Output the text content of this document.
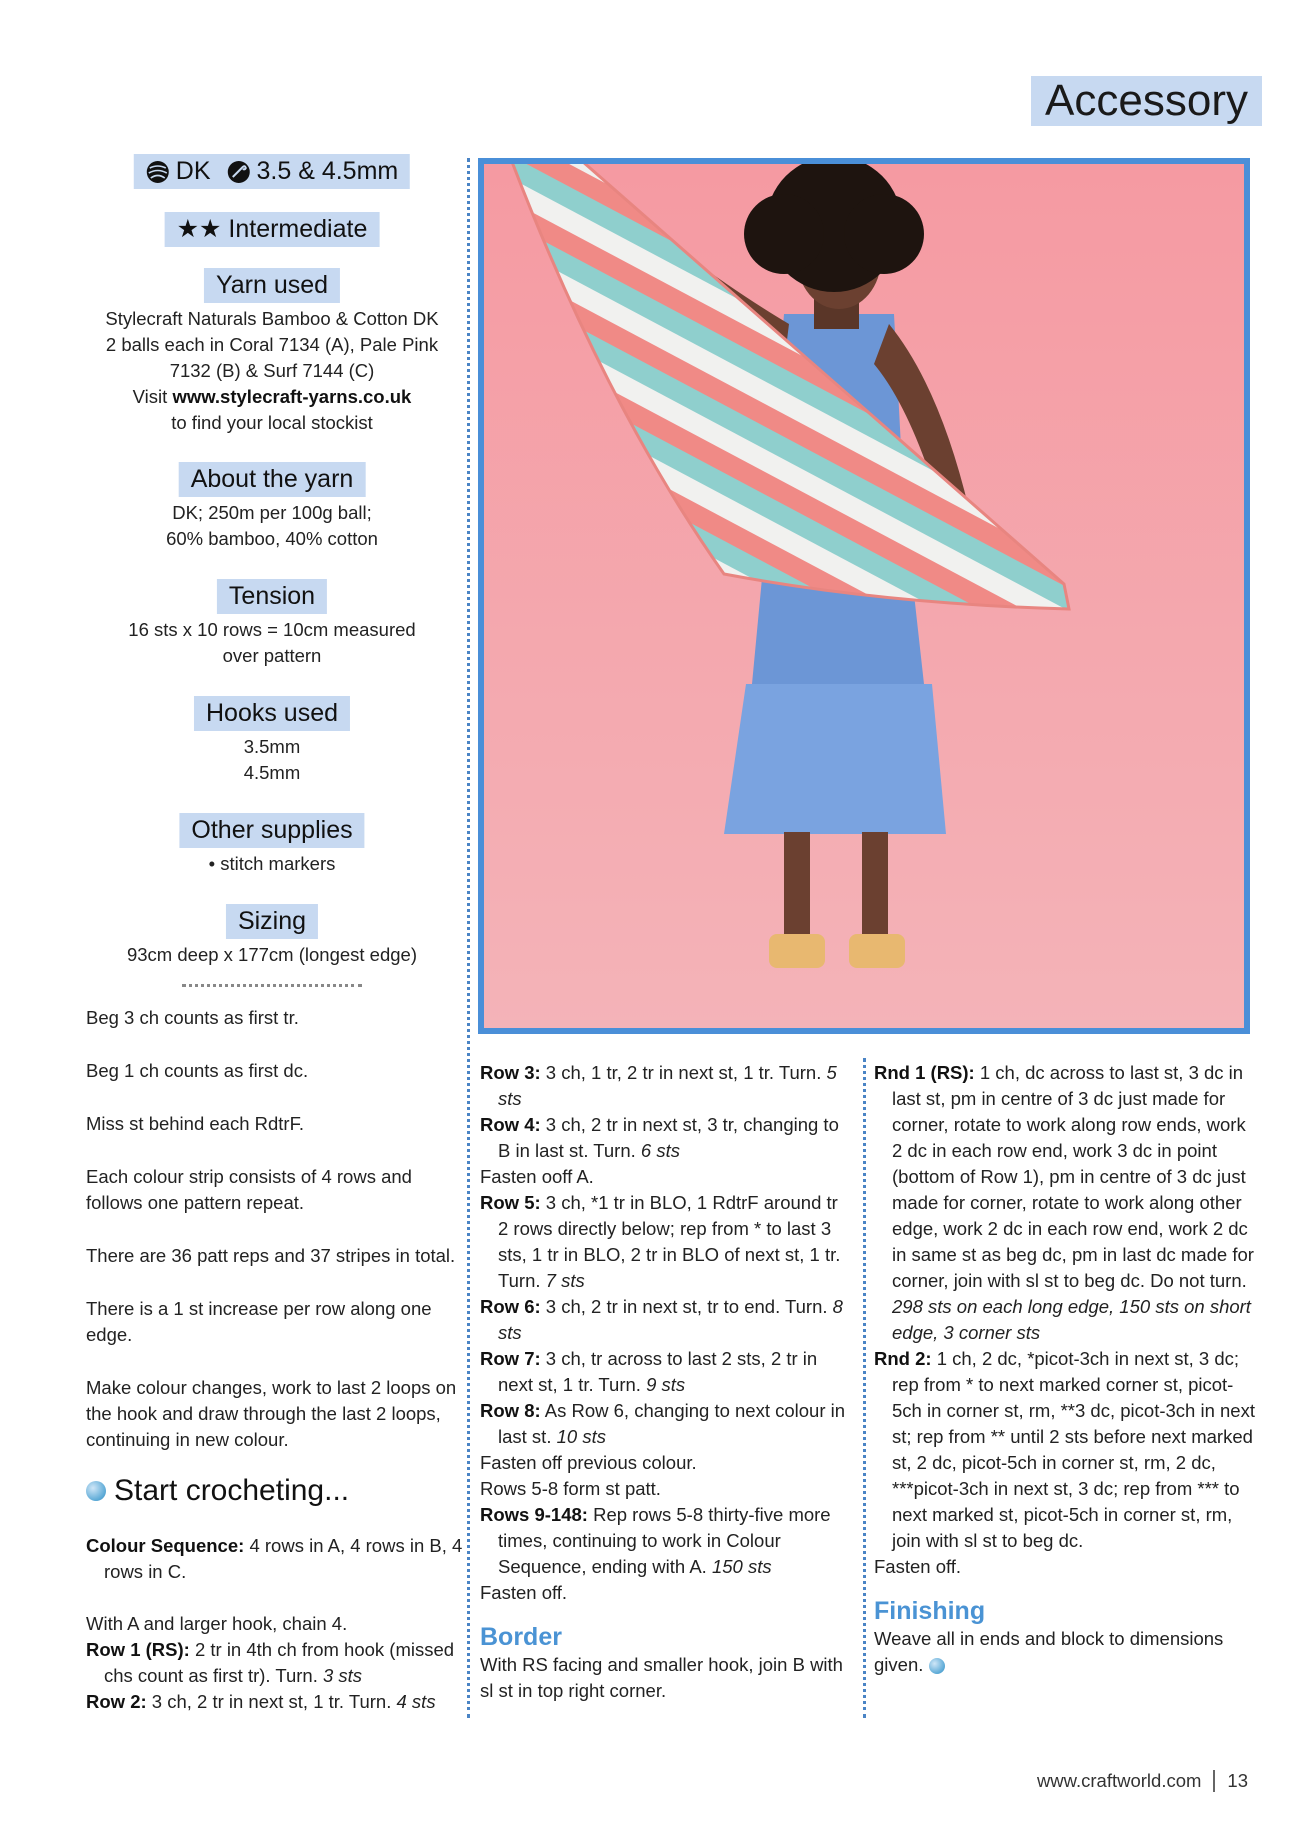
Accessory
DK 3.5 & 4.5mm
★★ Intermediate
Yarn used
Stylecraft Naturals Bamboo & Cotton DK
2 balls each in Coral 7134 (A), Pale Pink
7132 (B) & Surf 7144 (C)
Visit www.stylecraft-yarns.co.uk
to find your local stockist
About the yarn
DK; 250m per 100g ball;
60% bamboo, 40% cotton
Tension
16 sts x 10 rows = 10cm measured
over pattern
Hooks used
3.5mm
4.5mm
Other supplies
• stitch markers
Sizing
93cm deep x 177cm (longest edge)

Beg 3 ch counts as first tr.

Beg 1 ch counts as first dc.

Miss st behind each RdtrF.

Each colour strip consists of 4 rows and follows one pattern repeat.

There are 36 patt reps and 37 stripes in total.

There is a 1 st increase per row along one edge.

Make colour changes, work to last 2 loops on the hook and draw through the last 2 loops, continuing in new colour.

Start crocheting...

Colour Sequence: 4 rows in A, 4 rows in B, 4 rows in C.

With A and larger hook, chain 4.

Row 1 (RS): 2 tr in 4th ch from hook (missed chs count as first tr). Turn. 3 sts

Row 2: 3 ch, 2 tr in next st, 1 tr. Turn. 4 sts

Row 3: 3 ch, 1 tr, 2 tr in next st, 1 tr. Turn. 5 sts

Row 4: 3 ch, 2 tr in next st, 3 tr, changing to B in last st. Turn. 6 sts

Fasten ooff A.

Row 5: 3 ch, *1 tr in BLO, 1 RdtrF around tr 2 rows directly below; rep from * to last 3 sts, 1 tr in BLO, 2 tr in BLO of next st, 1 tr. Turn. 7 sts

Row 6: 3 ch, 2 tr in next st, tr to end. Turn. 8 sts

Row 7: 3 ch, tr across to last 2 sts, 2 tr in next st, 1 tr. Turn. 9 sts

Row 8: As Row 6, changing to next colour in last st. 10 sts

Fasten off previous colour.

Rows 5-8 form st patt.

Rows 9-148: Rep rows 5-8 thirty-five more times, continuing to work in Colour Sequence, ending with A. 150 sts

Fasten off.

Border

With RS facing and smaller hook, join B with sl st in top right corner.

Rnd 1 (RS): 1 ch, dc across to last st, 3 dc in last st, pm in centre of 3 dc just made for corner, rotate to work along row ends, work 2 dc in each row end, work 3 dc in point (bottom of Row 1), pm in centre of 3 dc just made for corner, rotate to work along other edge, work 2 dc in each row end, work 2 dc in same st as beg dc, pm in last dc made for corner, join with sl st to beg dc. Do not turn. 298 sts on each long edge, 150 sts on short edge, 3 corner sts

Rnd 2: 1 ch, 2 dc, *picot-3ch in next st, 3 dc; rep from * to next marked corner st, picot-5ch in corner st, rm, **3 dc, picot-3ch in next st; rep from ** until 2 sts before next marked st, 2 dc, picot-5ch in corner st, rm, 2 dc, ***picot-3ch in next st, 3 dc; rep from *** to next marked st, picot-5ch in corner st, rm, join with sl st to beg dc.

Fasten off.

Finishing

Weave all in ends and block to dimensions given.

www.craftworld.com 13
